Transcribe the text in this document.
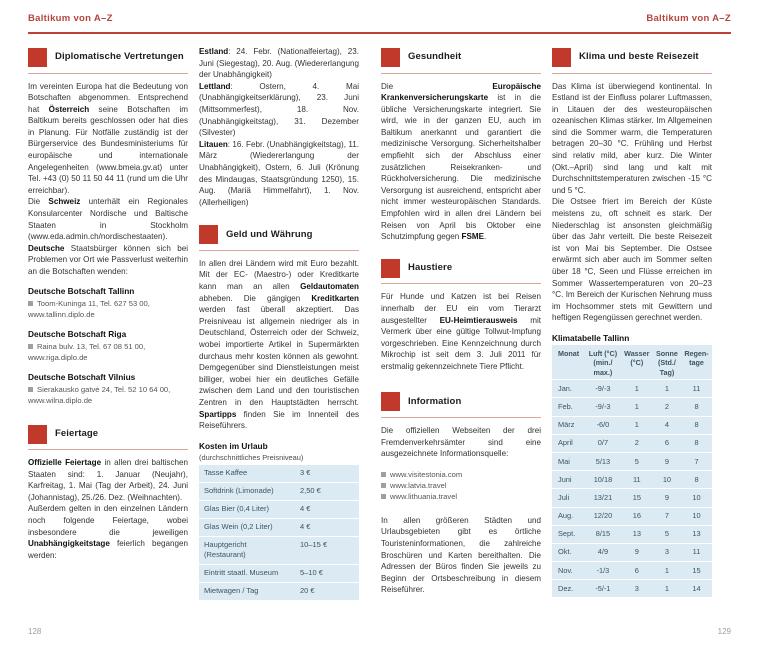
Baltikum von A–Z	Baltikum von A–Z
Diplomatische Vertretungen

Im vereinten Europa hat die Bedeutung von Botschaften abgenommen. Entsprechend hat Österreich seine Botschaften im Baltikum bereits geschlossen oder hat dies in Planung. Für Notfälle zuständig ist der Bürgerservice des Bundesministeriums für europäische und internationale Angelegenheiten (www.bmeia.gv.at) unter Tel. +43 (0) 50 11 50 44 11 (rund um die Uhr erreichbar).

Die Schweiz unterhält ein Regionales Konsularcenter Nordische und Baltische Staaten in Stockholm (www.eda.admin.ch/nordischestaaten).

Deutsche Staatsbürger können sich bei Problemen vor Ort wie Passverlust weiterhin an die Botschaften wenden:

Deutsche Botschaft Tallinn
Toom-Kuninga 11, Tel. 627 53 00,
www.tallinn.diplo.de
Deutsche Botschaft Riga
Raina bulv. 13, Tel. 67 08 51 00,
www.riga.diplo.de
Deutsche Botschaft Vilnius
Sierakausko gatvė 24, Tel. 52 10 64 00,
www.wilna.diplo.de
Feiertage

Offizielle Feiertage in allen drei baltischen Staaten sind: 1. Januar (Neujahr), Karfreitag, 1. Mai (Tag der Arbeit), 24. Juni (Johannistag), 25./26. Dez. (Weihnachten).

Außerdem gelten in den einzelnen Ländern noch folgende Feiertage, wobei insbesondere die jeweiligen Unabhängigkeitstage feierlich begangen werden:

Estland: 24. Febr. (Nationalfeiertag), 23. Juni (Siegestag), 20. Aug. (Wiedererlangung der Unabhängigkeit)

Lettland: Ostern, 4. Mai (Unabhängigkeitserklärung), 23. Juni (Mittsommerfest), 18. Nov. (Unabhängigkeitstag), 31. Dezember (Silvester)

Litauen: 16. Febr. (Unabhängigkeitstag), 11. März (Wiedererlangung der Unabhängigkeit), Ostern, 6. Juli (Krönung des Mindaugas, Staatsgründung 1250), 15. Aug. (Mariä Himmelfahrt), 1. Nov. (Allerheiligen)

Geld und Währung

In allen drei Ländern wird mit Euro bezahlt. Mit der EC- (Maestro-) oder Kreditkarte kann man an allen Geldautomaten abheben. Die gängigen Kreditkarten werden fast überall akzeptiert. Das Preisniveau ist allgemein niedriger als in Deutschland, Österreich oder der Schweiz, wobei importierte Artikel in Supermärkten durchaus mehr kosten können als gewohnt. Demgegenüber sind Dienstleistungen meist billiger, wobei hier ein deutliches Gefälle zwischen dem Land und den touristischen Zentren in den Hauptstädten herrscht. Spartipps finden Sie im Innenteil des Reiseführers.

Kosten im Urlaub
(durchschnittliches Preisniveau)
Tasse Kaffee	3 €
Softdrink (Limonade)	2,50 €
Glas Bier (0,4 Liter)	4 €
Glas Wein (0,2 Liter)	4 €
Hauptgericht
(Restaurant)	10–15 €
Eintritt staatl. Museum	5–10 €
Mietwagen / Tag	20 €
Gesundheit

Die Europäische Krankenversicherungskarte ist in die übliche Versicherungskarte integriert. Sie wird, wie in der ganzen EU, auch im Baltikum anerkannt und garantiert die medizinische Versorgung. Sicherheitshalber empfiehlt sich der Abschluss einer zusätzlichen Reisekranken- und Rückholversicherung. Die medizinische Versorgung ist ausreichend, entspricht aber nicht immer westeuropäischen Standards. Empfohlen wird in allen drei Ländern bei Reisen von April bis Oktober eine Schutzimpfung gegen FSME.

Haustiere

Für Hunde und Katzen ist bei Reisen innerhalb der EU ein vom Tierarzt ausgestellter EU-Heimtierausweis mit Vermerk über eine gültige Tollwut-Impfung vorgeschrieben. Eine Kennzeichnung durch Mikrochip ist seit dem 3. Juli 2011 für erstmalig gekennzeichnete Tiere Pflicht.

Information

Die offiziellen Webseiten der drei Fremdenverkehrsämter sind eine ausgezeichnete Informationsquelle:

www.visitestonia.com
www.latvia.travel
www.lithuania.travel

In allen größeren Städten und Urlaubsgebieten gibt es örtliche Touristeninformationen, die zahlreiche Broschüren und Karten bereithalten. Die Adressen der Büros finden Sie jeweils zu Beginn der Ortsbeschreibung in diesem Reiseführer.

Klima und beste Reisezeit

Das Klima ist überwiegend kontinental. In Estland ist der Einfluss polarer Luftmassen, in Litauen der des westeuropäischen ozeanischen Klimas stärker. Im Allgemeinen sind die Sommer warm, die Temperaturen betragen 20–30 °C. Frühling und Herbst sind relativ mild, aber kurz. Die Winter (Okt.–April) sind lang und kalt mit Durchschnittstemperaturen zwischen -15 °C und 5 °C.

Die Ostsee friert im Bereich der Küste meistens zu, oft schneit es stark. Der Niederschlag ist ansonsten gleichmäßig über das Jahr verteilt. Die beste Reisezeit ist von Mai bis September. Die Ostsee erwärmt sich aber auch im Sommer selten über 18 °C, Seen und Flüsse erreichen im Sommer Wassertemperaturen von 20–23 °C. Im Bereich der Kurischen Nehrung muss im Hochsommer stets mit Gewittern und heftigen Regengüssen gerechnet werden.

Klimatabelle Tallinn
Monat	Luft (°C)
(min./
max.)	Wasser
(°C)	Sonne
(Std./
Tag)	Regen-
tage
Jan.	-9/-3	1	1	11
Feb.	-9/-3	1	2	8
März	-6/0	1	4	8
April	0/7	2	6	8
Mai	5/13	5	9	7
Juni	10/18	11	10	8
Juli	13/21	15	9	10
Aug.	12/20	16	7	10
Sept.	8/15	13	5	13
Okt.	4/9	9	3	11
Nov.	-1/3	6	1	15
Dez.	-5/-1	3	1	14
128	129
